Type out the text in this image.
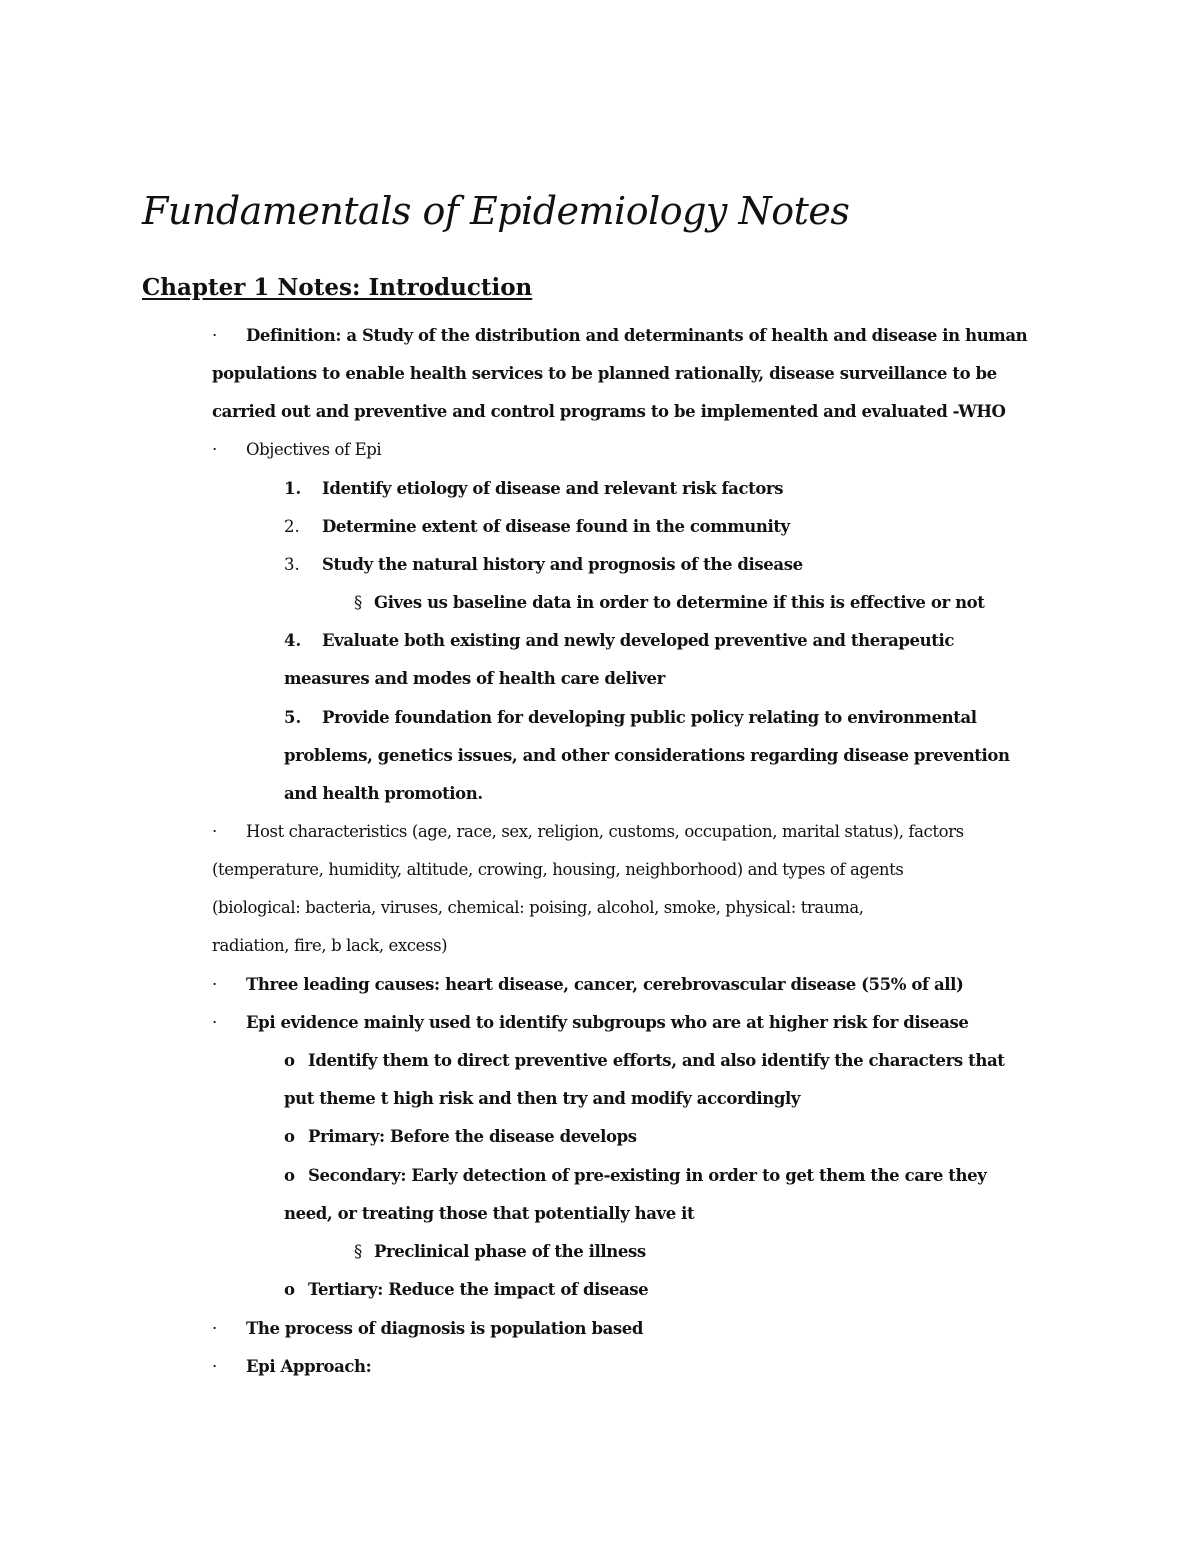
Fundamentals of Epidemiology Notes
Chapter 1 Notes: Introduction
· Definition: a Study of the distribution and determinants of health and disease in human
populations to enable health services to be planned rationally, disease surveillance to be
carried out and preventive and control programs to be implemented and evaluated -WHO
· Objectives of Epi
1. Identify etiology of disease and relevant risk factors
2. Determine extent of disease found in the community
3. Study the natural history and prognosis of the disease
§ Gives us baseline data in order to determine if this is effective or not
4. Evaluate both existing and newly developed preventive and therapeutic
measures and modes of health care deliver
5. Provide foundation for developing public policy relating to environmental
problems, genetics issues, and other considerations regarding disease prevention
and health promotion.
· Host characteristics (age, race, sex, religion, customs, occupation, marital status), factors
(temperature, humidity, altitude, crowing, housing, neighborhood) and types of agents
(biological: bacteria, viruses, chemical: poising, alcohol, smoke, physical: trauma,
radiation, fire, b lack, excess)
· Three leading causes: heart disease, cancer, cerebrovascular disease (55% of all)
· Epi evidence mainly used to identify subgroups who are at higher risk for disease
o Identify them to direct preventive efforts, and also identify the characters that
put theme t high risk and then try and modify accordingly
o Primary: Before the disease develops
o Secondary: Early detection of pre-existing in order to get them the care they
need, or treating those that potentially have it
§ Preclinical phase of the illness
o Tertiary: Reduce the impact of disease
· The process of diagnosis is population based
· Epi Approach:
